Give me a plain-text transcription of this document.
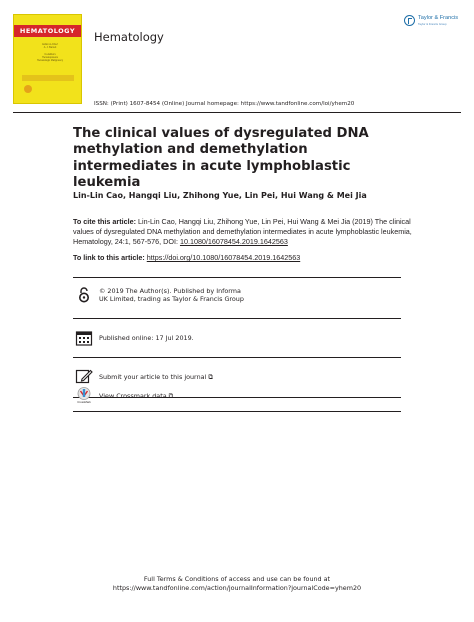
HEMATOLOGY
Editor-in-Chief
A. J. Barrett
Co-Editors
Hematopoiesis
Hematologic Malignancy
Hematology
Taylor & Francis
Taylor & Francis Group
ISSN: (Print) 1607-8454 (Online) Journal homepage: https://www.tandfonline.com/loi/yhem20
The clinical values of dysregulated DNA methylation and demethylation intermediates in acute lymphoblastic leukemia
Lin-Lin Cao, Hangqi Liu, Zhihong Yue, Lin Pei, Hui Wang & Mei Jia
To cite this article: Lin-Lin Cao, Hangqi Liu, Zhihong Yue, Lin Pei, Hui Wang & Mei Jia (2019) The clinical values of dysregulated DNA methylation and demethylation intermediates in acute lymphoblastic leukemia, Hematology, 24:1, 567-576, DOI: 10.1080/16078454.2019.1642563
To link to this article: https://doi.org/10.1080/16078454.2019.1642563
© 2019 The Author(s). Published by Informa UK Limited, trading as Taylor & Francis Group
Published online: 17 Jul 2019.
Submit your article to this journal ⧉
CrossMark
View Crossmark data ⧉
Full Terms & Conditions of access and use can be found at
https://www.tandfonline.com/action/journalInformation?journalCode=yhem20
